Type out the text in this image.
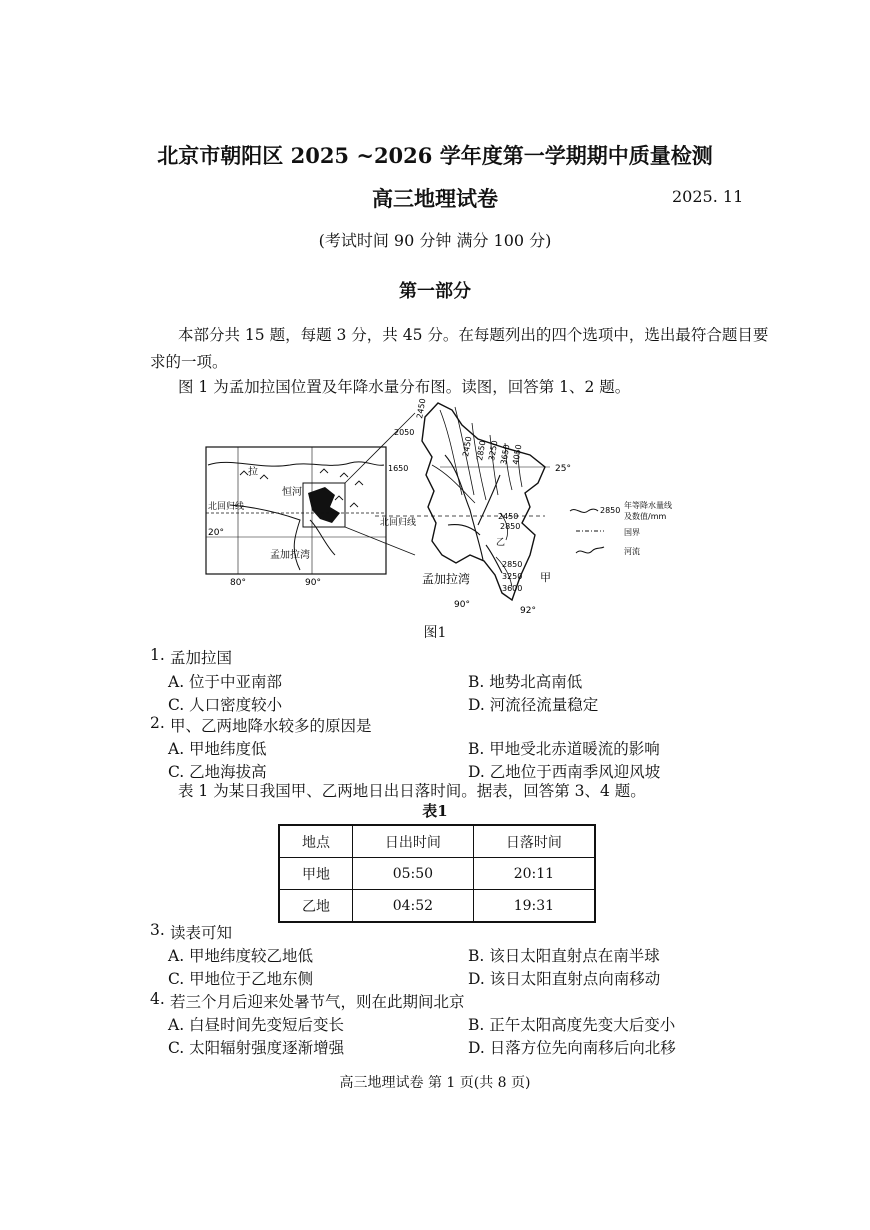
北京市朝阳区 2025 ~2026 学年度第一学期期中质量检测
高三地理试卷	2025. 11
(考试时间 90 分钟 满分 100 分)
第一部分
本部分共 15 题，每题 3 分，共 45 分。在每题列出的四个选项中，选出最符合题目要
求的一项。
图 1 为孟加拉国位置及年降水量分布图。读图，回答第 1、2 题。
拉
恒河
北回归线
20°
孟加拉湾
80°	90°
2450
2050
1650
2450 2850 3250 3650 4050
25°
北回归线
2450
2850
乙
2850
3250
3600
甲
孟加拉湾
90°
92°
2850
年等降水量线
及数值/mm
国界
河流
图1
1. 孟加拉国
A. 位于中亚南部	B. 地势北高南低
C. 人口密度较小	D. 河流径流量稳定
2. 甲、乙两地降水较多的原因是
A. 甲地纬度低	B. 甲地受北赤道暖流的影响
C. 乙地海拔高	D. 乙地位于西南季风迎风坡
表 1 为某日我国甲、乙两地日出日落时间。据表，回答第 3、4 题。
表1
地点	日出时间	日落时间
甲地	05:50	20:11
乙地	04:52	19:31
3. 读表可知
A. 甲地纬度较乙地低	B. 该日太阳直射点在南半球
C. 甲地位于乙地东侧	D. 该日太阳直射点向南移动
4. 若三个月后迎来处暑节气，则在此期间北京
A. 白昼时间先变短后变长	B. 正午太阳高度先变大后变小
C. 太阳辐射强度逐渐增强	D. 日落方位先向南移后向北移
高三地理试卷 第 1 页(共 8 页)
